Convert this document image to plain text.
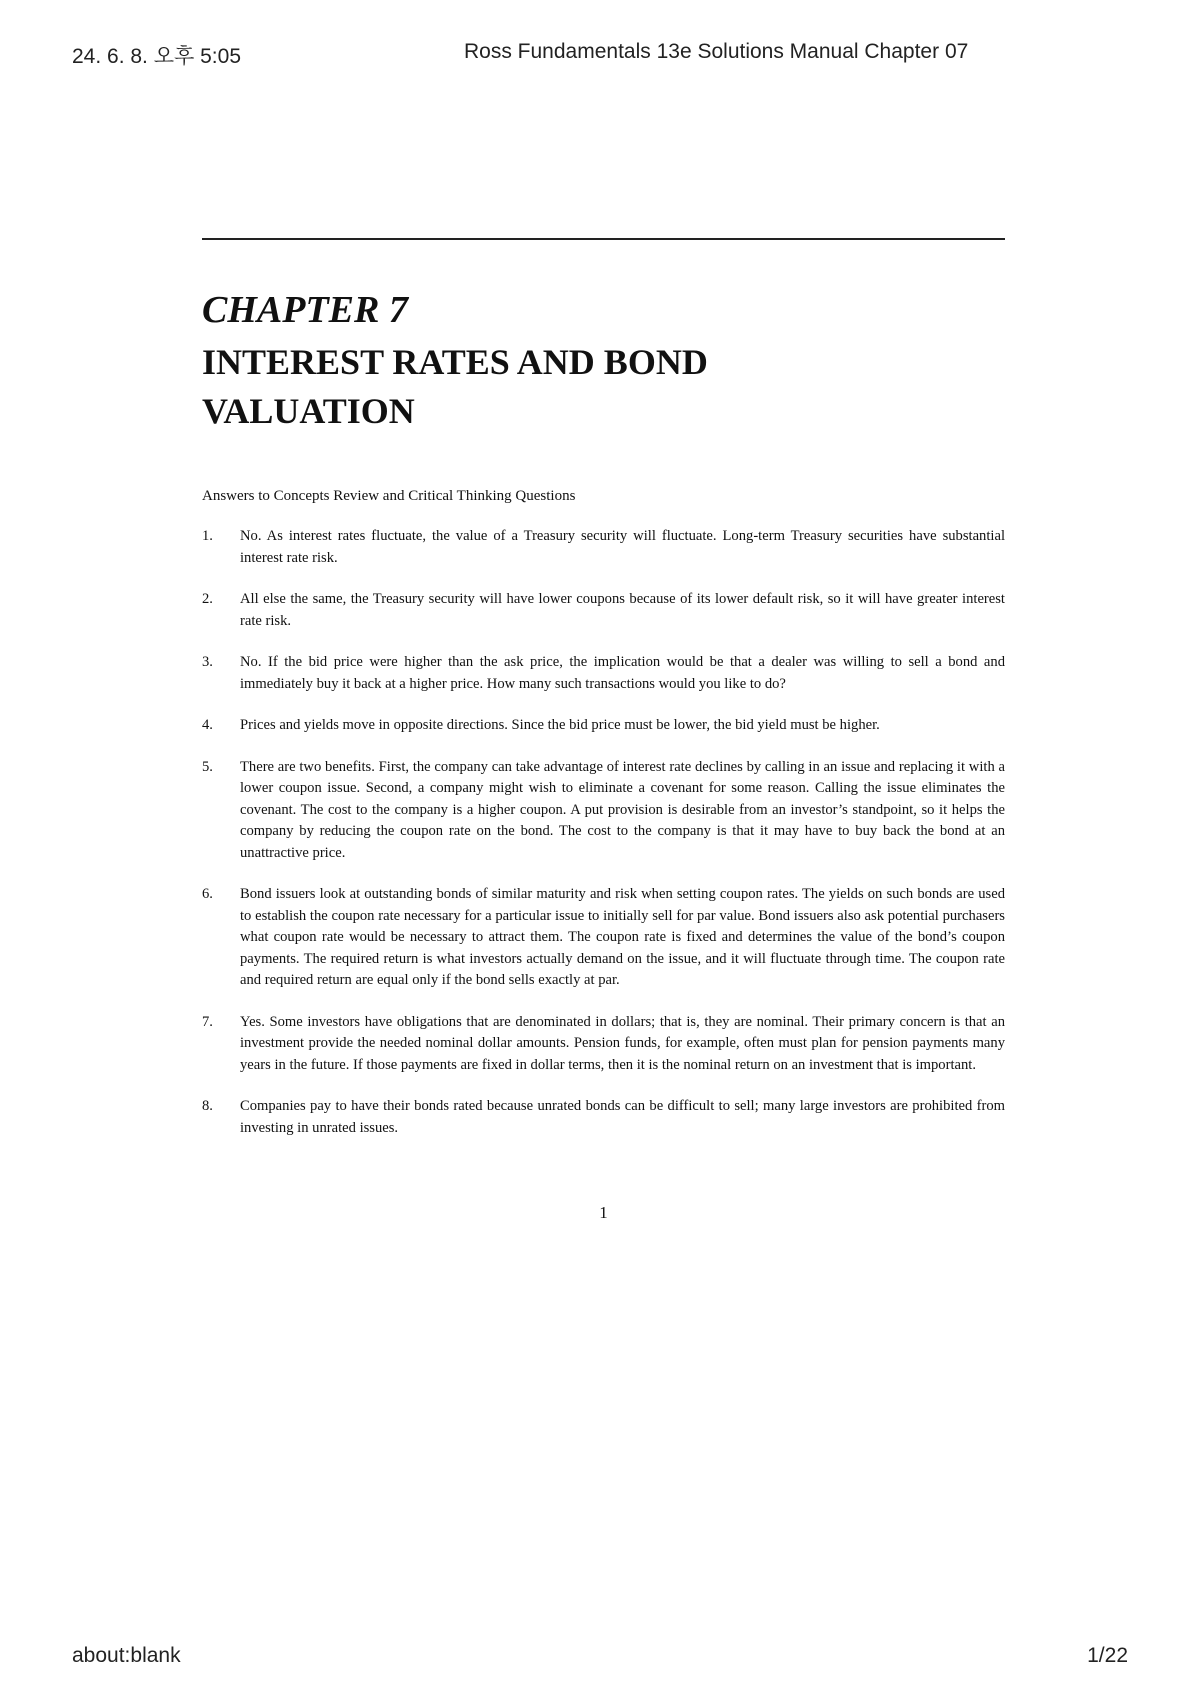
24. 6. 8. 오후 5:05	Ross Fundamentals 13e Solutions Manual Chapter 07
CHAPTER 7
INTEREST RATES AND BOND
VALUATION
Answers to Concepts Review and Critical Thinking Questions
1. No. As interest rates fluctuate, the value of a Treasury security will fluctuate. Long-term Treasury securities have substantial interest rate risk.
2. All else the same, the Treasury security will have lower coupons because of its lower default risk, so it will have greater interest rate risk.
3. No. If the bid price were higher than the ask price, the implication would be that a dealer was willing to sell a bond and immediately buy it back at a higher price. How many such transactions would you like to do?
4. Prices and yields move in opposite directions. Since the bid price must be lower, the bid yield must be higher.
5. There are two benefits. First, the company can take advantage of interest rate declines by calling in an issue and replacing it with a lower coupon issue. Second, a company might wish to eliminate a covenant for some reason. Calling the issue eliminates the covenant. The cost to the company is a higher coupon. A put provision is desirable from an investor’s standpoint, so it helps the company by reducing the coupon rate on the bond. The cost to the company is that it may have to buy back the bond at an unattractive price.
6. Bond issuers look at outstanding bonds of similar maturity and risk when setting coupon rates. The yields on such bonds are used to establish the coupon rate necessary for a particular issue to initially sell for par value. Bond issuers also ask potential purchasers what coupon rate would be necessary to attract them. The coupon rate is fixed and determines the value of the bond’s coupon payments. The required return is what investors actually demand on the issue, and it will fluctuate through time. The coupon rate and required return are equal only if the bond sells exactly at par.
7. Yes. Some investors have obligations that are denominated in dollars; that is, they are nominal. Their primary concern is that an investment provide the needed nominal dollar amounts. Pension funds, for example, often must plan for pension payments many years in the future. If those payments are fixed in dollar terms, then it is the nominal return on an investment that is important.
8. Companies pay to have their bonds rated because unrated bonds can be difficult to sell; many large investors are prohibited from investing in unrated issues.
1
about:blank	1/22
